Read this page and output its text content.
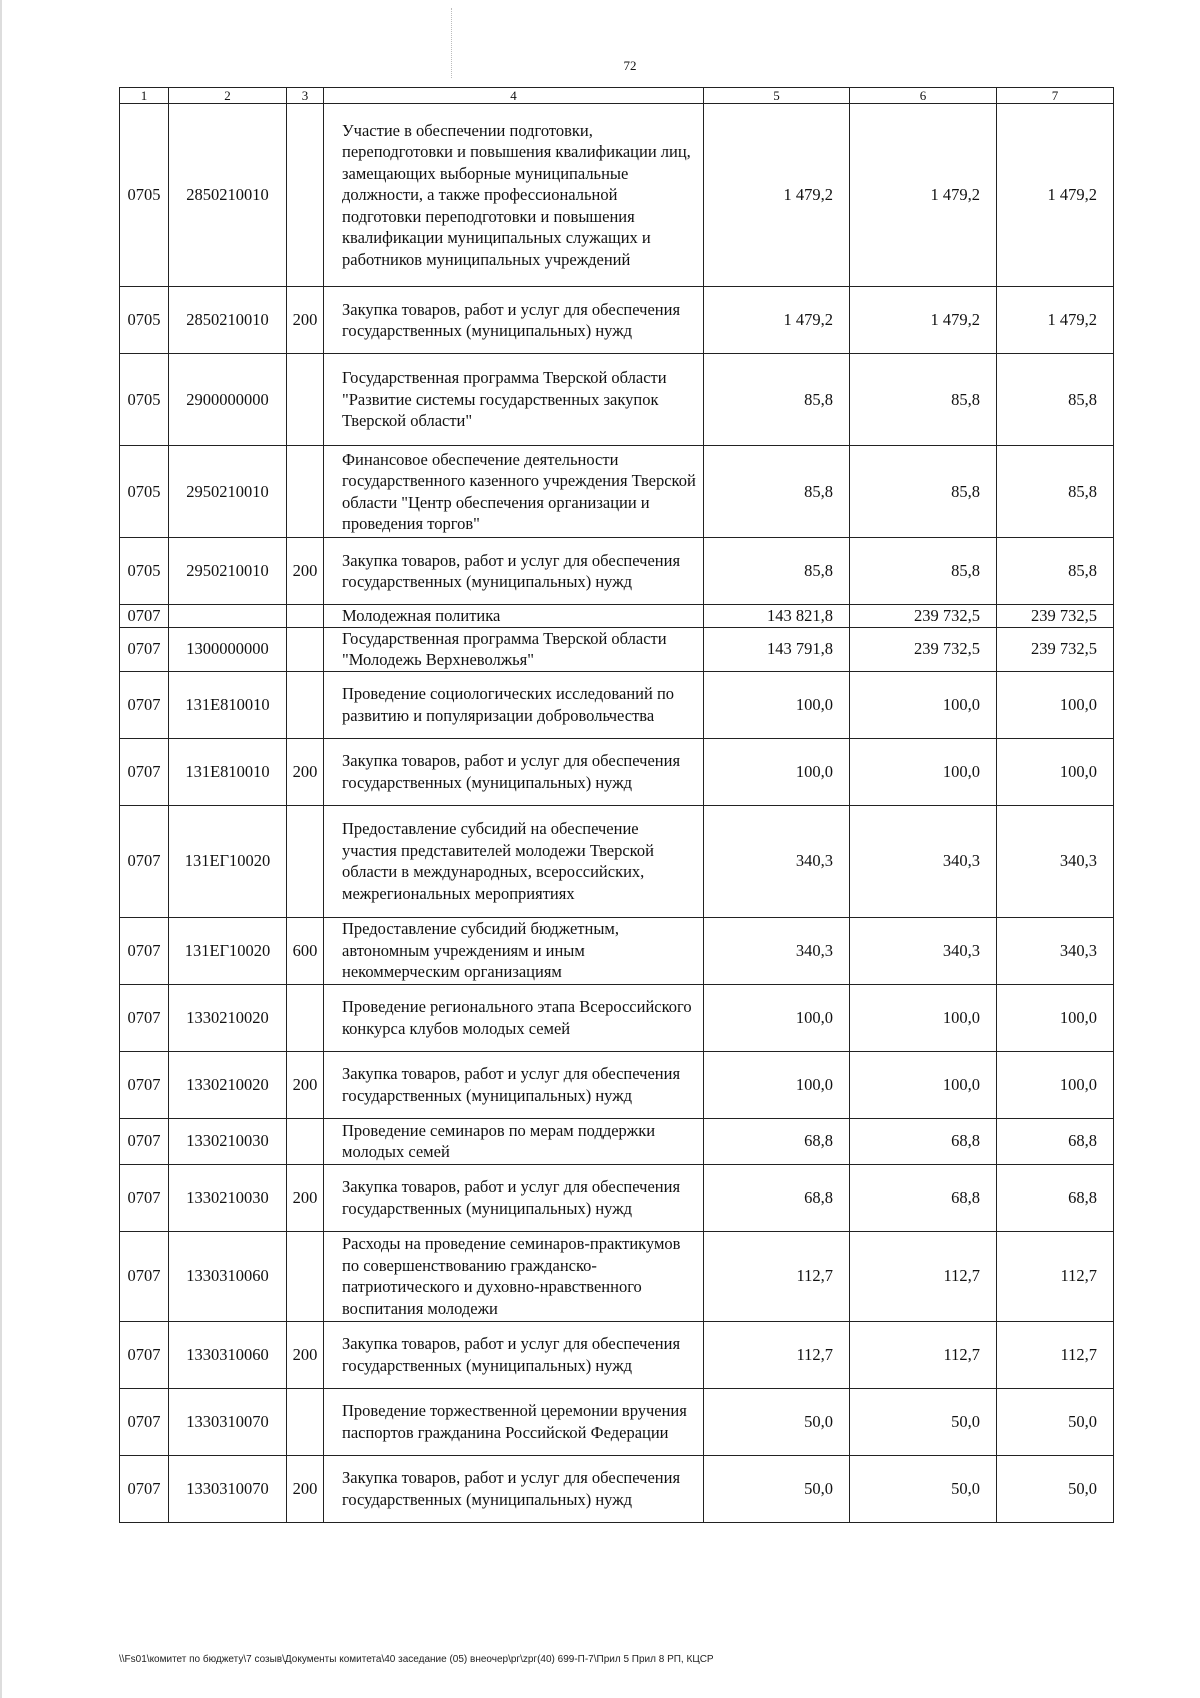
72
1	2	3	4	5	6	7
0705	2850210010		Участие в обеспечении подготовки, переподготовки и повышения квалификации лиц, замещающих выборные муниципальные должности, а также профессиональной подготовки переподготовки и повышения квалификации муниципальных служащих и работников муниципальных учреждений	1 479,2	1 479,2	1 479,2
0705	2850210010	200	Закупка товаров, работ и услуг для обеспечения государственных (муниципальных) нужд	1 479,2	1 479,2	1 479,2
0705	2900000000		Государственная программа Тверской области "Развитие системы государственных закупок Тверской области"	85,8	85,8	85,8
0705	2950210010		Финансовое обеспечение деятельности государственного казенного учреждения Тверской области "Центр обеспечения организации и проведения торгов"	85,8	85,8	85,8
0705	2950210010	200	Закупка товаров, работ и услуг для обеспечения государственных (муниципальных) нужд	85,8	85,8	85,8
0707			Молодежная политика	143 821,8	239 732,5	239 732,5
0707	1300000000		Государственная программа Тверской области "Молодежь Верхневолжья"	143 791,8	239 732,5	239 732,5
0707	131E810010		Проведение социологических исследований по развитию и популяризации добровольчества	100,0	100,0	100,0
0707	131E810010	200	Закупка товаров, работ и услуг для обеспечения государственных (муниципальных) нужд	100,0	100,0	100,0
0707	131ЕГ10020		Предоставление субсидий на обеспечение участия представителей молодежи Тверской области в международных, всероссийских, межрегиональных мероприятиях	340,3	340,3	340,3
0707	131ЕГ10020	600	Предоставление субсидий бюджетным, автономным учреждениям и иным некоммерческим организациям	340,3	340,3	340,3
0707	1330210020		Проведение регионального этапа Всероссийского конкурса клубов молодых семей	100,0	100,0	100,0
0707	1330210020	200	Закупка товаров, работ и услуг для обеспечения государственных (муниципальных) нужд	100,0	100,0	100,0
0707	1330210030		Проведение семинаров по мерам поддержки молодых семей	68,8	68,8	68,8
0707	1330210030	200	Закупка товаров, работ и услуг для обеспечения государственных (муниципальных) нужд	68,8	68,8	68,8
0707	1330310060		Расходы на проведение семинаров-практикумов по совершенствованию гражданско-патриотического и духовно-нравственного воспитания молодежи	112,7	112,7	112,7
0707	1330310060	200	Закупка товаров, работ и услуг для обеспечения государственных (муниципальных) нужд	112,7	112,7	112,7
0707	1330310070		Проведение торжественной церемонии вручения паспортов гражданина Российской Федерации	50,0	50,0	50,0
0707	1330310070	200	Закупка товаров, работ и услуг для обеспечения государственных (муниципальных) нужд	50,0	50,0	50,0
\\Fs01\комитет по бюджету\7 созыв\Документы комитета\40 заседание (05) внеочер\рг\zрг(40) 699-П-7\Прил 5 Прил 8 РП, КЦСР
